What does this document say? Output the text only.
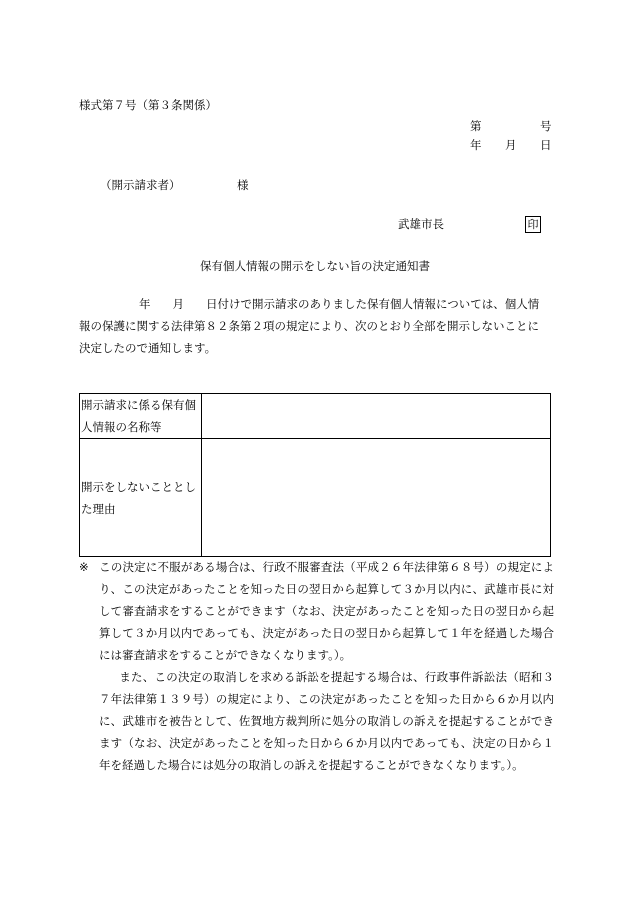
様式第７号（第３条関係）
第	号
年 月 日
（開示請求者）	様
武雄市長	印
保有個人情報の開示をしない旨の決定通知書

年 月 日付けで開示請求のありました保有個人情報については、個人情

報の保護に関する法律第８２条第２項の規定により、次のとおり全部を開示しないことに

決定したので通知します。

開示請求に係る保有個人情報の名称等	
開示をしないこととした理由	

※ この決定に不服がある場合は、行政不服審査法（平成２６年法律第６８号）の規定により、この決定があったことを知った日の翌日から起算して３か月以内に、武雄市長に対して審査請求をすることができます（なお、決定があったことを知った日の翌日から起算して３か月以内であっても、決定があった日の翌日から起算して１年を経過した場合には審査請求をすることができなくなります。）。

また、この決定の取消しを求める訴訟を提起する場合は、行政事件訴訟法（昭和３７年法律第１３９号）の規定により、この決定があったことを知った日から６か月以内に、武雄市を被告として、佐賀地方裁判所に処分の取消しの訴えを提起することができます（なお、決定があったことを知った日から６か月以内であっても、決定の日から１年を経過した場合には処分の取消しの訴えを提起することができなくなります。）。
